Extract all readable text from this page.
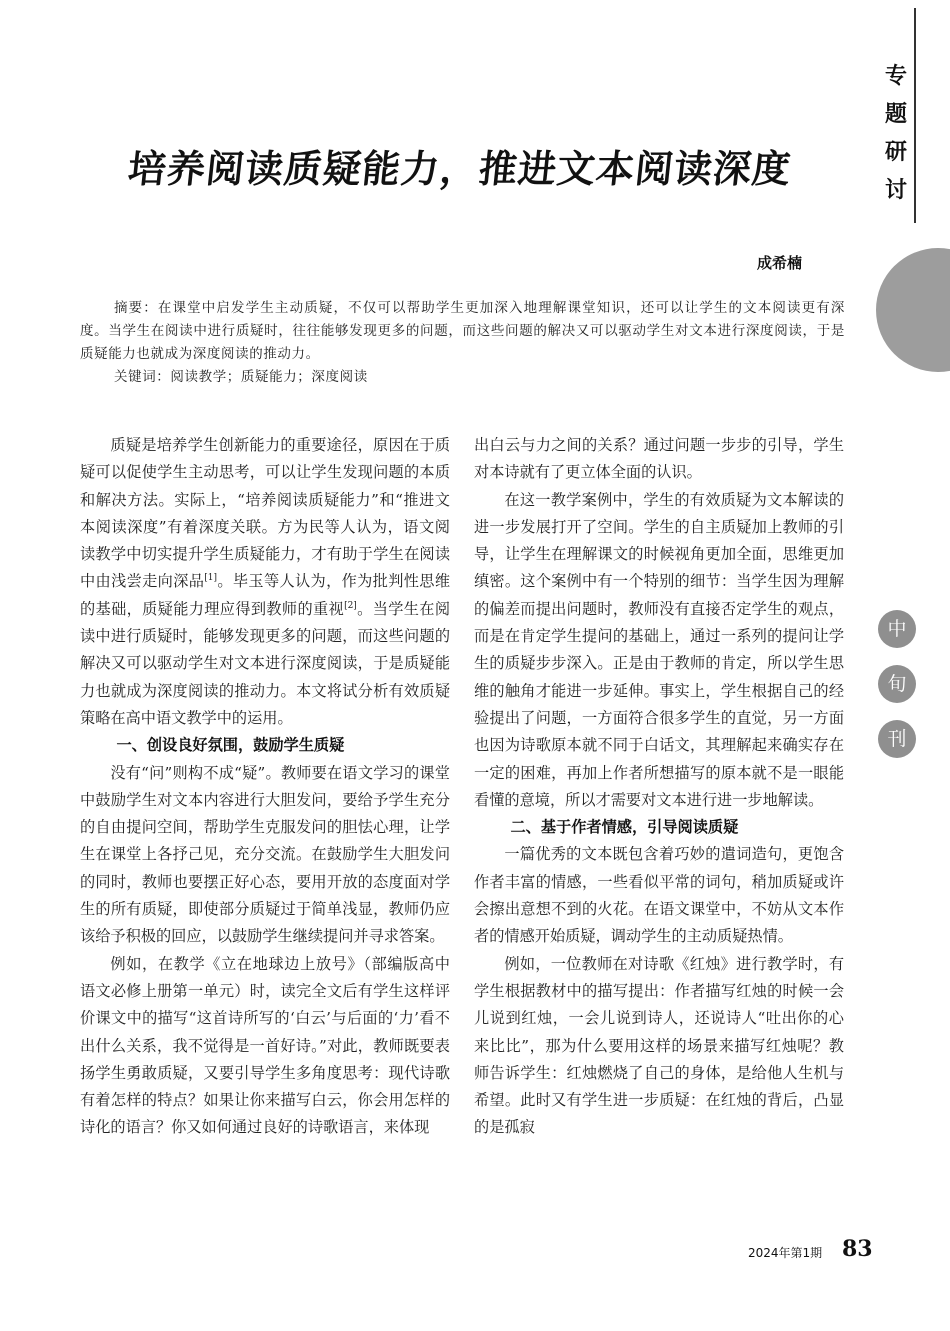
专
题
研
讨
中
旬
刊
培养阅读质疑能力，推进文本阅读深度
成希楠

摘要：在课堂中启发学生主动质疑，不仅可以帮助学生更加深入地理解课堂知识，还可以让学生的文本阅读更有深度。当学生在阅读中进行质疑时，往往能够发现更多的问题，而这些问题的解决又可以驱动学生对文本进行深度阅读，于是质疑能力也就成为深度阅读的推动力。

关键词：阅读教学；质疑能力；深度阅读

质疑是培养学生创新能力的重要途径，原因在于质疑可以促使学生主动思考，可以让学生发现问题的本质和解决方法。实际上，“培养阅读质疑能力”和“推进文本阅读深度”有着深度关联。方为民等人认为，语文阅读教学中切实提升学生质疑能力，才有助于学生在阅读中由浅尝走向深品[1]。毕玉等人认为，作为批判性思维的基础，质疑能力理应得到教师的重视[2]。当学生在阅读中进行质疑时，能够发现更多的问题，而这些问题的解决又可以驱动学生对文本进行深度阅读，于是质疑能力也就成为深度阅读的推动力。本文将试分析有效质疑策略在高中语文教学中的运用。

一、创设良好氛围，鼓励学生质疑

没有“问”则构不成“疑”。教师要在语文学习的课堂中鼓励学生对文本内容进行大胆发问，要给予学生充分的自由提问空间，帮助学生克服发问的胆怯心理，让学生在课堂上各抒己见，充分交流。在鼓励学生大胆发问的同时，教师也要摆正好心态，要用开放的态度面对学生的所有质疑，即使部分质疑过于简单浅显，教师仍应该给予积极的回应，以鼓励学生继续提问并寻求答案。

例如，在教学《立在地球边上放号》（部编版高中语文必修上册第一单元）时，读完全文后有学生这样评价课文中的描写“这首诗所写的‘白云’与后面的‘力’看不出什么关系，我不觉得是一首好诗。”对此，教师既要表扬学生勇敢质疑，又要引导学生多角度思考：现代诗歌有着怎样的特点？如果让你来描写白云，你会用怎样的诗化的语言？你又如何通过良好的诗歌语言，来体现

出白云与力之间的关系？通过问题一步步的引导，学生对本诗就有了更立体全面的认识。

在这一教学案例中，学生的有效质疑为文本解读的进一步发展打开了空间。学生的自主质疑加上教师的引导，让学生在理解课文的时候视角更加全面，思维更加缜密。这个案例中有一个特别的细节：当学生因为理解的偏差而提出问题时，教师没有直接否定学生的观点，而是在肯定学生提问的基础上，通过一系列的提问让学生的质疑步步深入。正是由于教师的肯定，所以学生思维的触角才能进一步延伸。事实上，学生根据自己的经验提出了问题，一方面符合很多学生的直觉，另一方面也因为诗歌原本就不同于白话文，其理解起来确实存在一定的困难，再加上作者所想描写的原本就不是一眼能看懂的意境，所以才需要对文本进行进一步地解读。

二、基于作者情感，引导阅读质疑

一篇优秀的文本既包含着巧妙的遣词造句，更饱含作者丰富的情感，一些看似平常的词句，稍加质疑或许会擦出意想不到的火花。在语文课堂中，不妨从文本作者的情感开始质疑，调动学生的主动质疑热情。

例如，一位教师在对诗歌《红烛》进行教学时，有学生根据教材中的描写提出：作者描写红烛的时候一会儿说到红烛，一会儿说到诗人，还说诗人“吐出你的心来比比”，那为什么要用这样的场景来描写红烛呢？教师告诉学生：红烛燃烧了自己的身体，是给他人生机与希望。此时又有学生进一步质疑：在红烛的背后，凸显的是孤寂

2024年第1期 83
